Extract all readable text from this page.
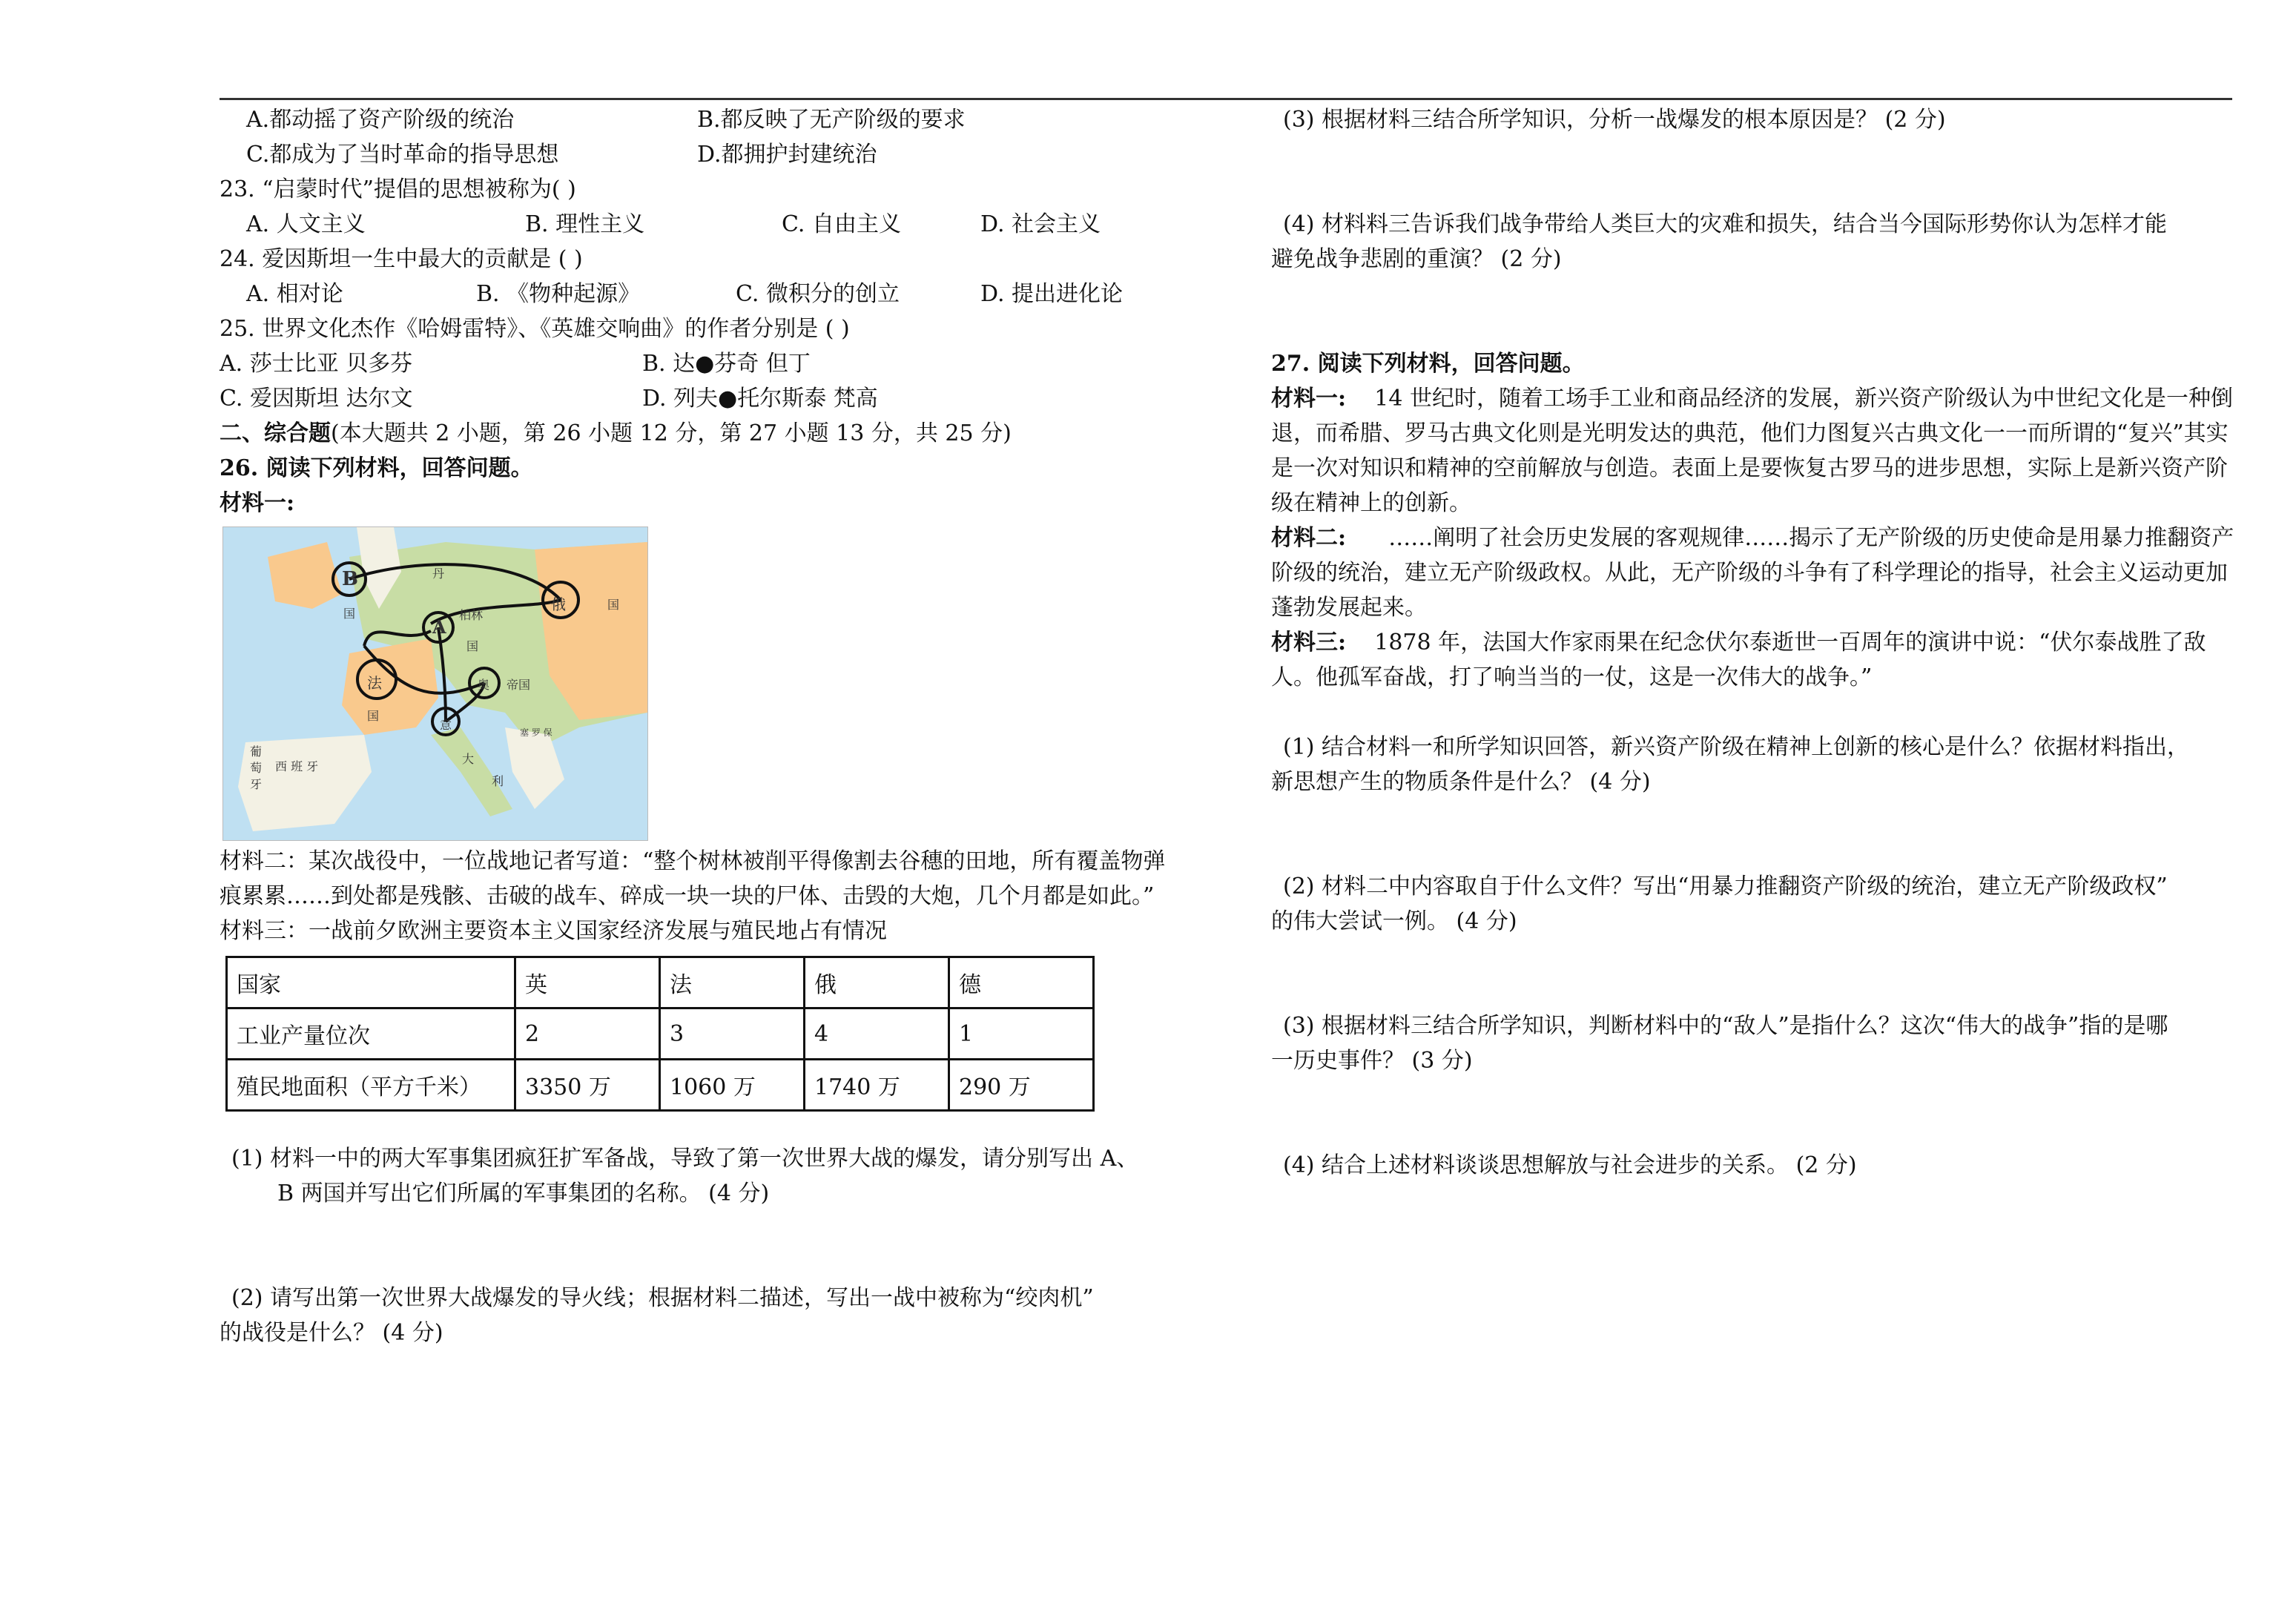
A.都动摇了资产阶级的统治	B.都反映了无产阶级的要求
C.都成为了当时革命的指导思想	D.都拥护封建统治
23. “启蒙时代”提倡的思想被称为( )
A. 人文主义	B. 理性主义	C. 自由主义	D. 社会主义
24. 爱因斯坦一生中最大的贡献是 ( )
A. 相对论	B. 《物种起源》	C. 微积分的创立	D. 提出进化论
25. 世界文化杰作《哈姆雷特》、《英雄交响曲》的作者分别是 ( )
A. 莎士比亚 贝多芬	B. 达●芬奇 但丁
C. 爱因斯坦 达尔文	D. 列夫●托尔斯泰 梵高
二、综合题(本大题共 2 小题，第 26 小题 12 分，第 27 小题 13 分，共 25 分)
26. 阅读下列材料，回答问题。
材料一:
B
A
国
俄	国
法
国
奥 帝国
意
柏林
国
丹
西 班 牙
葡
萄
牙
大
利
塞 罗 保
材料二：某次战役中，一位战地记者写道：“整个树林被削平得像割去谷穗的田地，所有覆盖物弹痕累累……到处都是残骸、击破的战车、碎成一块一块的尸体、击毁的大炮，几个月都是如此。”
材料三：一战前夕欧洲主要资本主义国家经济发展与殖民地占有情况
国家	英	法	俄	德
工业产量位次	2	3	4	1
殖民地面积（平方千米）	3350 万	1060 万	1740 万	290 万
(1) 材料一中的两大军事集团疯狂扩军备战，导致了第一次世界大战的爆发，请分别写出 A、
B 两国并写出它们所属的军事集团的名称。 (4 分)
(2) 请写出第一次世界大战爆发的导火线；根据材料二描述，写出一战中被称为“绞肉机”
的战役是什么？ (4 分)
(3) 根据材料三结合所学知识，分析一战爆发的根本原因是？ (2 分)
(4) 材料料三告诉我们战争带给人类巨大的灾难和损失，结合当今国际形势你认为怎样才能
避免战争悲剧的重演？ (2 分)
27. 阅读下列材料，回答问题。
材料一: 14 世纪时，随着工场手工业和商品经济的发展，新兴资产阶级认为中世纪文化是一种倒退，而希腊、罗马古典文化则是光明发达的典范，他们力图复兴古典文化一一而所谓的“复兴”其实是一次对知识和精神的空前解放与创造。表面上是要恢复古罗马的进步思想，实际上是新兴资产阶级在精神上的创新。
材料二: ……阐明了社会历史发展的客观规律……揭示了无产阶级的历史使命是用暴力推翻资产阶级的统治，建立无产阶级政权。从此，无产阶级的斗争有了科学理论的指导，社会主义运动更加蓬勃发展起来。
材料三: 1878 年，法国大作家雨果在纪念伏尔泰逝世一百周年的演讲中说：“伏尔泰战胜了敌人。他孤军奋战，打了响当当的一仗，这是一次伟大的战争。”
(1) 结合材料一和所学知识回答，新兴资产阶级在精神上创新的核心是什么？依据材料指出，
新思想产生的物质条件是什么？ (4 分)
(2) 材料二中内容取自于什么文件？写出“用暴力推翻资产阶级的统治，建立无产阶级政权”
的伟大尝试一例。 (4 分)
(3) 根据材料三结合所学知识，判断材料中的“敌人”是指什么？这次“伟大的战争”指的是哪
一历史事件？ (3 分)
(4) 结合上述材料谈谈思想解放与社会进步的关系。 (2 分)
